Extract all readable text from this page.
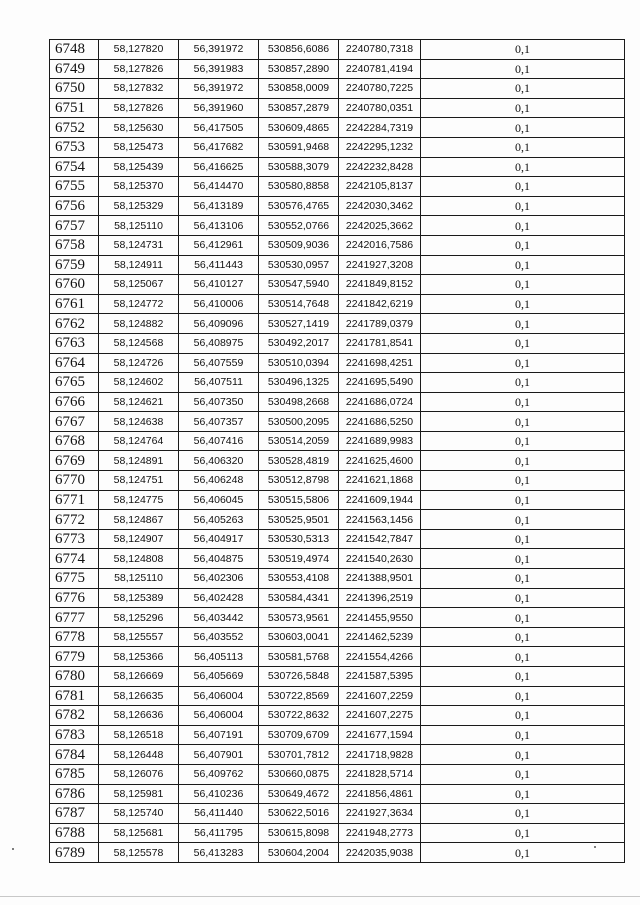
6748	58,127820	56,391972	530856,6086	2240780,7318	0,1
6749	58,127826	56,391983	530857,2890	2240781,4194	0,1
6750	58,127832	56,391972	530858,0009	2240780,7225	0,1
6751	58,127826	56,391960	530857,2879	2240780,0351	0,1
6752	58,125630	56,417505	530609,4865	2242284,7319	0,1
6753	58,125473	56,417682	530591,9468	2242295,1232	0,1
6754	58,125439	56,416625	530588,3079	2242232,8428	0,1
6755	58,125370	56,414470	530580,8858	2242105,8137	0,1
6756	58,125329	56,413189	530576,4765	2242030,3462	0,1
6757	58,125110	56,413106	530552,0766	2242025,3662	0,1
6758	58,124731	56,412961	530509,9036	2242016,7586	0,1
6759	58,124911	56,411443	530530,0957	2241927,3208	0,1
6760	58,125067	56,410127	530547,5940	2241849,8152	0,1
6761	58,124772	56,410006	530514,7648	2241842,6219	0,1
6762	58,124882	56,409096	530527,1419	2241789,0379	0,1
6763	58,124568	56,408975	530492,2017	2241781,8541	0,1
6764	58,124726	56,407559	530510,0394	2241698,4251	0,1
6765	58,124602	56,407511	530496,1325	2241695,5490	0,1
6766	58,124621	56,407350	530498,2668	2241686,0724	0,1
6767	58,124638	56,407357	530500,2095	2241686,5250	0,1
6768	58,124764	56,407416	530514,2059	2241689,9983	0,1
6769	58,124891	56,406320	530528,4819	2241625,4600	0,1
6770	58,124751	56,406248	530512,8798	2241621,1868	0,1
6771	58,124775	56,406045	530515,5806	2241609,1944	0,1
6772	58,124867	56,405263	530525,9501	2241563,1456	0,1
6773	58,124907	56,404917	530530,5313	2241542,7847	0,1
6774	58,124808	56,404875	530519,4974	2241540,2630	0,1
6775	58,125110	56,402306	530553,4108	2241388,9501	0,1
6776	58,125389	56,402428	530584,4341	2241396,2519	0,1
6777	58,125296	56,403442	530573,9561	2241455,9550	0,1
6778	58,125557	56,403552	530603,0041	2241462,5239	0,1
6779	58,125366	56,405113	530581,5768	2241554,4266	0,1
6780	58,126669	56,405669	530726,5848	2241587,5395	0,1
6781	58,126635	56,406004	530722,8569	2241607,2259	0,1
6782	58,126636	56,406004	530722,8632	2241607,2275	0,1
6783	58,126518	56,407191	530709,6709	2241677,1594	0,1
6784	58,126448	56,407901	530701,7812	2241718,9828	0,1
6785	58,126076	56,409762	530660,0875	2241828,5714	0,1
6786	58,125981	56,410236	530649,4672	2241856,4861	0,1
6787	58,125740	56,411440	530622,5016	2241927,3634	0,1
6788	58,125681	56,411795	530615,8098	2241948,2773	0,1
6789	58,125578	56,413283	530604,2004	2242035,9038	0,1
